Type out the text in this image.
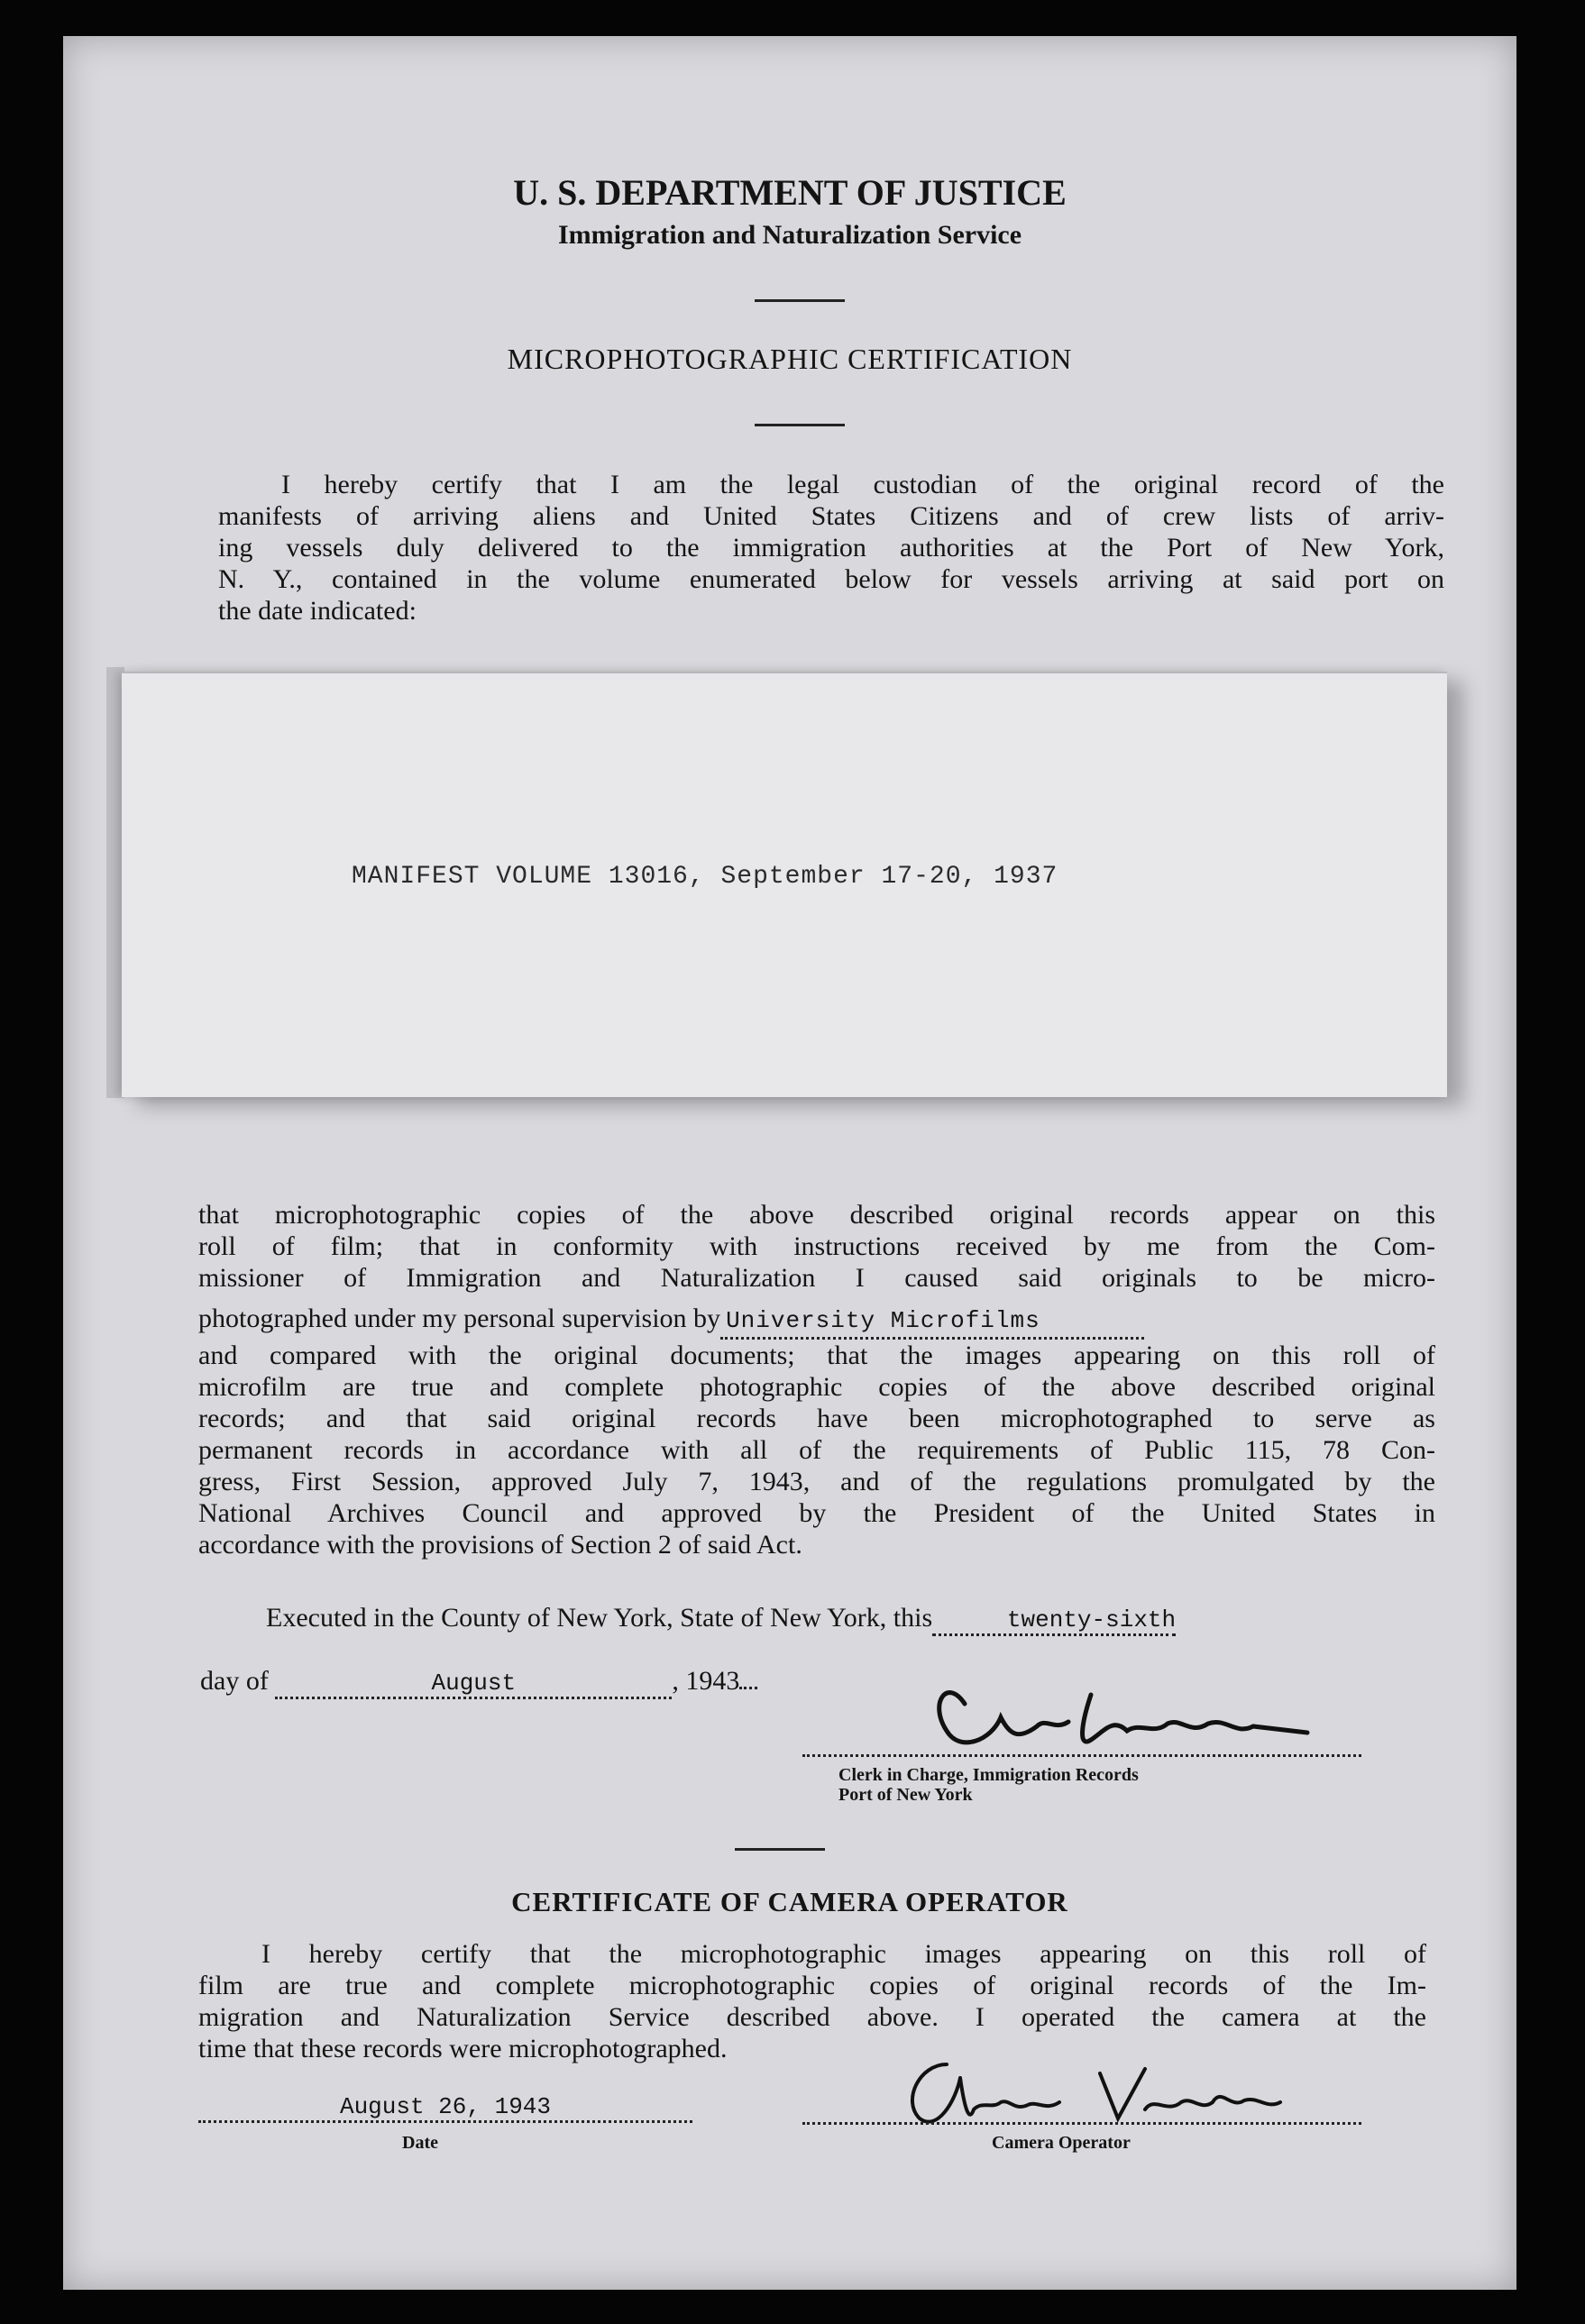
U. S. DEPARTMENT OF JUSTICE
Immigration and Naturalization Service
MICROPHOTOGRAPHIC CERTIFICATION
I hereby certify that I am the legal custodian of the original record of the
manifests of arriving aliens and United States Citizens and of crew lists of arriv-
ing vessels duly delivered to the immigration authorities at the Port of New York,
N. Y., contained in the volume enumerated below for vessels arriving at said port on
the date indicated:
MANIFEST VOLUME 13016, September 17-20, 1937
that microphotographic copies of the above described original records appear on this
roll of film; that in conformity with instructions received by me from the Com-
missioner of Immigration and Naturalization I caused said originals to be micro-
photographed under my personal supervision by University Microfilms
and compared with the original documents; that the images appearing on this roll of
microfilm are true and complete photographic copies of the above described original
records; and that said original records have been microphotographed to serve as
permanent records in accordance with all of the requirements of Public 115, 78 Con-
gress, First Session, approved July 7, 1943, and of the regulations promulgated by the
National Archives Council and approved by the President of the United States in
accordance with the provisions of Section 2 of said Act.
Executed in the County of New York, State of New York, this	twenty-sixth
day of	August	, 1943
Clerk in Charge, Immigration Records
Port of New York
CERTIFICATE OF CAMERA OPERATOR
I hereby certify that the microphotographic images appearing on this roll of
film are true and complete microphotographic copies of original records of the Im-
migration and Naturalization Service described above. I operated the camera at the
time that these records were microphotographed.
August 26, 1943
Date	Camera Operator
